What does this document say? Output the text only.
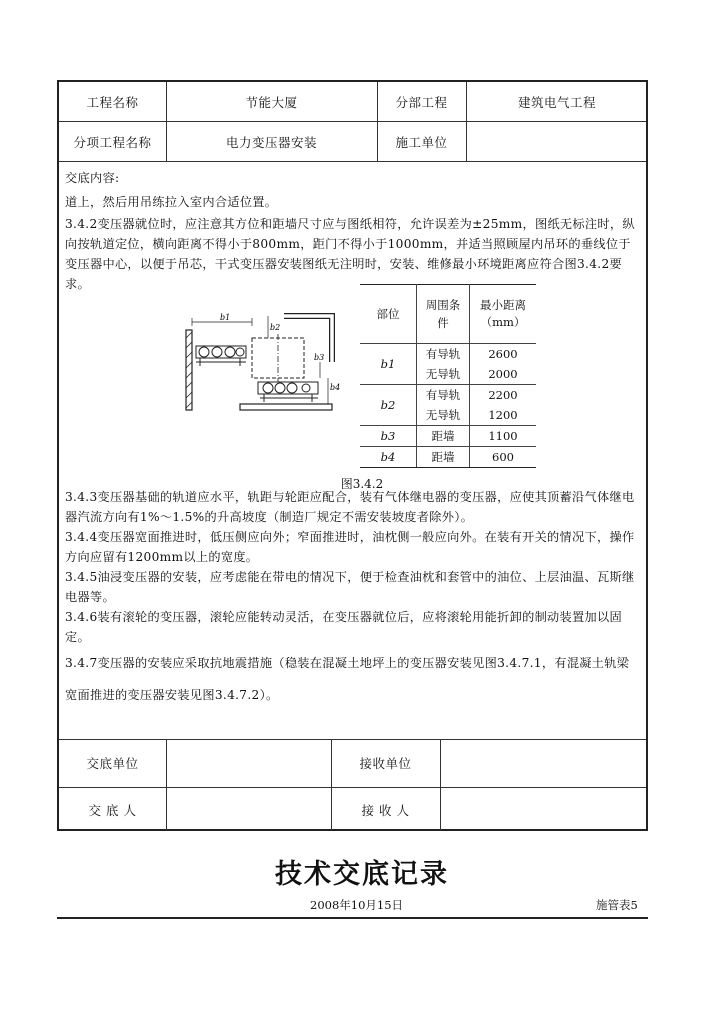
工程名称	节能大厦	分部工程	建筑电气工程
分项工程名称	电力变压器安装	施工单位

交底内容:

道上，然后用吊练拉入室内合适位置。

3.4.2变压器就位时，应注意其方位和距墙尺寸应与图纸相符，允许误差为±25mm，图纸无标注时，纵向按轨道定位，横向距离不得小于800mm，距门不得小于1000mm，并适当照顾屋内吊环的垂线位于变压器中心，以便于吊芯，干式变压器安装图纸无注明时，安装、维修最小环境距离应符合图3.4.2要求。

3.4.3变压器基础的轨道应水平，轨距与轮距应配合，装有气体继电器的变压器，应使其顶蓄沿气体继电器汽流方向有1%～1.5%的升高坡度（制造厂规定不需安装坡度者除外）。

3.4.4变压器宽面推进时，低压侧应向外；窄面推进时，油枕侧一般应向外。在装有开关的情况下，操作方向应留有1200mm以上的宽度。

3.4.5油浸变压器的安装，应考虑能在带电的情况下，便于检查油枕和套管中的油位、上层油温、瓦斯继电器等。

3.4.6装有滚轮的变压器，滚轮应能转动灵活，在变压器就位后，应将滚轮用能折卸的制动装置加以固定。

3.4.7变压器的安装应采取抗地震措施（稳装在混凝土地坪上的变压器安装见图3.4.7.1，有混凝土轨梁宽面推进的变压器安装见图3.4.7.2）。

交底单位	接收单位
交 底 人	接 收 人
b1
b2
b3
b4
部位	周围条件	最小距离
（mm）

b1	有导轨	2600
	无导轨	2000
b2	有导轨	2200
	无导轨	1200
b3	距墙	1100
b4	距墙	600
图3.4.2
技术交底记录
2008年10月15日	施管表5
